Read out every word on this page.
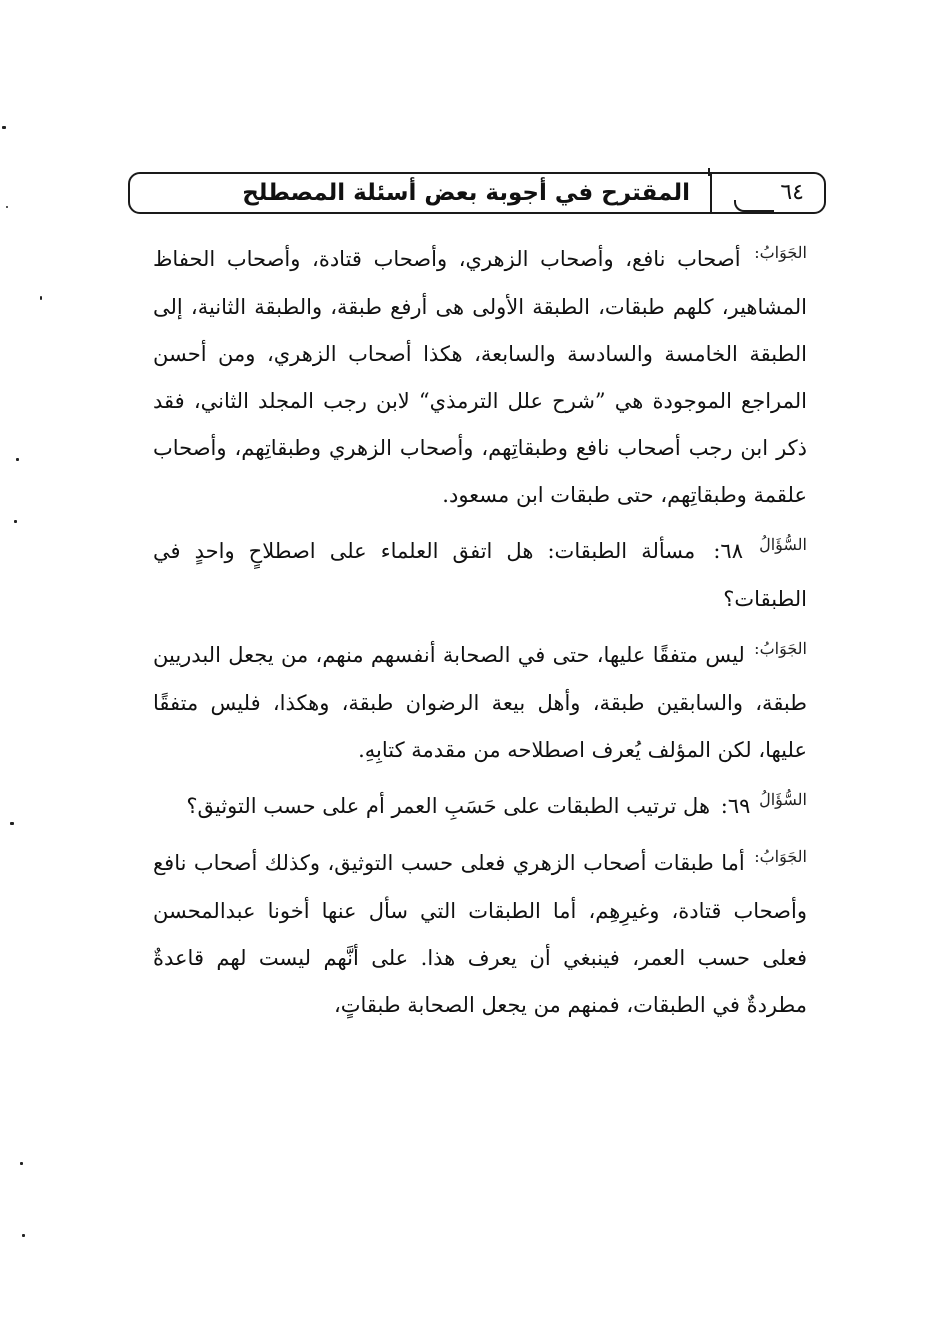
المقترح في أجوبة بعض أسئلة المصطلح	٦٤

$^{الجَوَابُ:}$ أصحاب نافع، وأصحاب الزهري، وأصحاب قتادة، وأصحاب الحفاظ المشاهير، كلهم طبقات، الطبقة الأولى هى أرفع طبقة، والطبقة الثانية، إلى الطبقة الخامسة والسادسة والسابعة، هكذا أصحاب الزهري، ومن أحسن المراجع الموجودة هي ”شرح علل الترمذي“ لابن رجب المجلد الثاني، فقد ذكر ابن رجب أصحاب نافع وطبقاتِهم، وأصحاب الزهري وطبقاتِهم، وأصحاب علقمة وطبقاتِهم، حتى طبقات ابن مسعود.

$^{السُّؤَالُ}$ ٦٨: مسألة الطبقات: هل اتفق العلماء على اصطلاحٍ واحدٍ في الطبقات؟

$^{الجَوَابُ:}$ ليس متفقًا عليها، حتى في الصحابة أنفسهم منهم، من يجعل البدريين طبقة، والسابقين طبقة، وأهل بيعة الرضوان طبقة، وهكذا، فليس متفقًا عليها، لكن المؤلف يُعرف اصطلاحه من مقدمة كتابِهِ.

$^{السُّؤَالُ}$ ٦٩: هل ترتيب الطبقات على حَسَبِ العمر أم على حسب التوثيق؟

$^{الجَوَابُ:}$ أما طبقات أصحاب الزهري فعلى حسب التوثيق، وكذلك أصحاب نافع وأصحاب قتادة، وغيرِهِم، أما الطبقات التي سأل عنها أخونا عبدالمحسن فعلى حسب العمر، فينبغي أن يعرف هذا. على أنَّهم ليست لهم قاعدةٌ مطردةٌ في الطبقات، فمنهم من يجعل الصحابة طبقاتٍ،
